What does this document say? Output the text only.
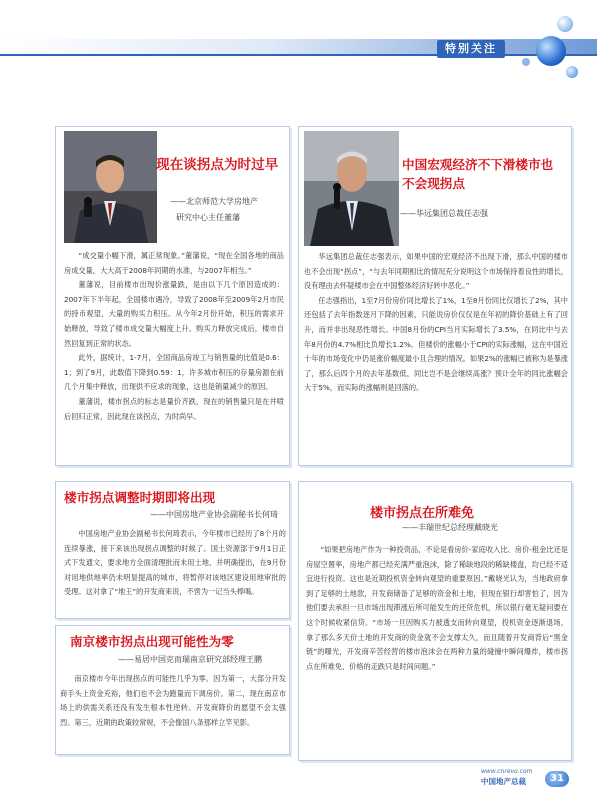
特别关注
现在谈拐点为时过早
——北京师范大学房地产
研究中心主任董藩

“成交量小幅下滑，属正常现象。”董藩说，“现在全国各地的商品房成交量，大大高于2008年同期的水准，与2007年相当。”

董藩说，目前楼市出现价涨量跌，是由以下几个原因造成的：2007年下半年起，全国楼市遇冷，导致了2008年至2009年2月市民的持币观望，大量的购买力积压。从今年2月份开始，积压的需求开始释放，导致了楼市成交量大幅度上升。购买力释放完成后，楼市自然回复到正常的状态。

此外，据统计，1-7月，全国商品房竣工与销售量的比值是0.6：1；到了9月，此数值下降到0.59：1，许多城市积压的存量房源在前几个月集中释放，出现供不应求的现象，这也是销量减少的原因。

董藩说，楼市拐点的标志是量价齐跌，现在的销售量只是在井喷后回归正常，因此现在谈拐点，为时尚早。

中国宏观经济不下滑楼市也不会现拐点
——华远集团总裁任志强

华远集团总裁任志强表示，如果中国的宏观经济不出现下滑，那么中国的楼市也不会出现“拐点”，“与去年同期相比的情况充分说明这个市场保持着良性的增长，没有理由去怀疑楼市会在中国整体经济好转中恶化。”

任志强指出，1至7月份房价同比增长了1%，1至8月份同比仅增长了2%，其中还包括了去年指数逐月下降的因素，只能说房价仅仅是在年初的降价基础上有了回升，而并非出现恶性增长。中国8月份的CPI当月实际增长了3.5%，在同比中与去年8月份的4.7%相比负增长1.2%。但楼价的涨幅小于CPI的实际涨幅，这在中国近十年的市场变化中仍是涨价幅度最小且合理的情况。如果2%的涨幅已被称为是暴涨了，那么后四个月的去年基数低，同比岂不是会继续高涨？预计全年的同比涨幅会大于5%，而实际的涨幅则是回落的。

楼市拐点调整时期即将出现
——中国房地产业协会副秘书长何琦

中国房地产业协会副秘书长何琦表示，今年楼市已经历了8个月的连续暴涨，接下来该出现拐点调整的时候了。国土资源部于9月1日正式下发通文，要求地方全面清理批而未用土地，并明确提出，在9月份对用地供地率仍未明显提高的城市，将暂停对该地区建设用地审批的受理。这对拿了“地王”的开发商来说，不啻为一记当头棒喝。

楼市拐点在所难免
——丰瑞世纪总经理戴晓光

“如果把房地产作为一种投资品，不论是看房价-家庭收入比、房价-租金比还是房屋空置率，房地产都已经充满严重泡沫，除了稀缺地段的稀缺楼盘，均已经不适宜进行投资。这也是近期投机资金转向观望的重要原因。”戴晓光认为，当地政府拿到了足够的土地款，开发商储备了足够的资金和土地，但现在银行却害怕了，因为他们要去承担一旦市场出现滞涨后所可能发生的还贷危机，所以银行毫无疑问要在这个时候收紧信贷。“市场一旦因购买力被透支而转向观望，投机资金逐渐退场，拿了那么多天价土地的开发商的资金就不会支撑太久，而且随着开发商背后“黑金链”的曝光，开发商辛苦经营的楼市泡沫会在两种力量的碰撞中瞬间爆炸，楼市拐点在所难免，价格的走跌只是时间问题。”

南京楼市拐点出现可能性为零
——易居中国克而瑞南京研究部经理王鹏

南京楼市今年出现拐点的可能性几乎为零。因为第一，大部分开发商手头上资金充裕，他们也不会为跑量而下调房价。第二，现在南京市场上的供需关系还没有发生根本性逆转。开发商降价的愿望不会太强烈。第三，近期的政策较常规，不会像国八条那样立竿见影。

www.cnrevo.com
中国地产总裁	31
